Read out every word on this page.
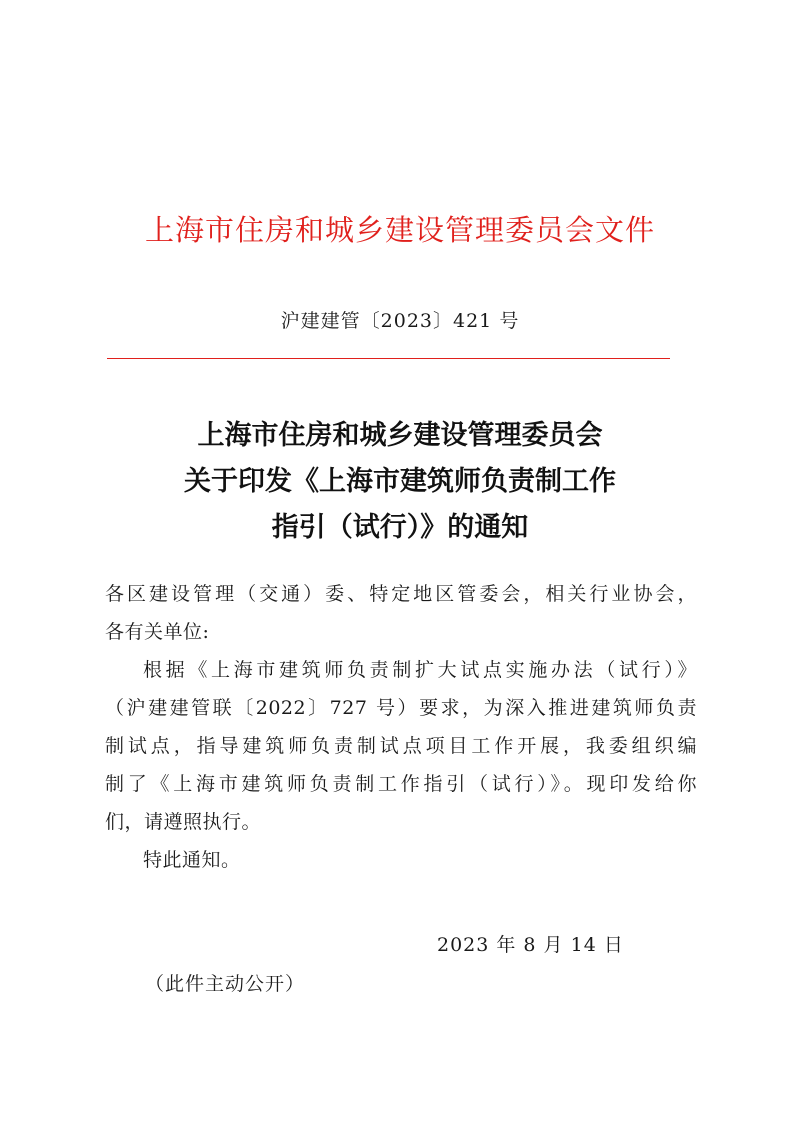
上海市住房和城乡建设管理委员会文件
沪建建管〔2023〕421 号
上海市住房和城乡建设管理委员会
关于印发《上海市建筑师负责制工作
指引（试行）》的通知
各区建设管理（交通）委、特定地区管委会，相关行业协会，
各有关单位:
根据《上海市建筑师负责制扩大试点实施办法（试行）》
（沪建建管联〔2022〕727 号）要求，为深入推进建筑师负责
制试点，指导建筑师负责制试点项目工作开展，我委组织编
制了《上海市建筑师负责制工作指引（试行）》。现印发给你
们，请遵照执行。
特此通知。
2023 年 8 月 14 日
（此件主动公开）
